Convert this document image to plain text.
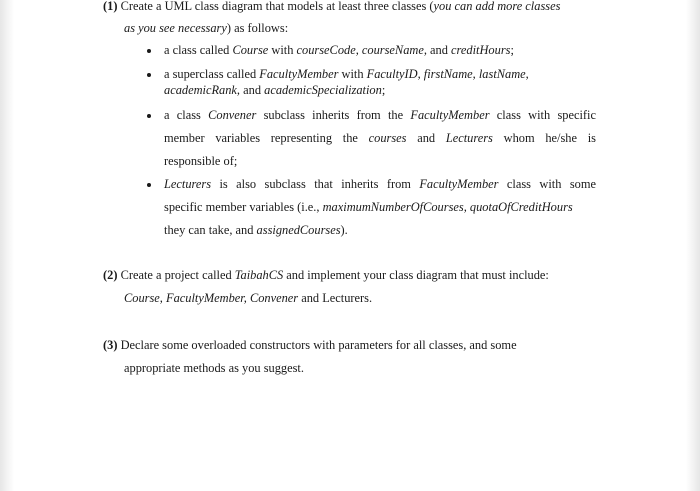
(1) Create a UML class diagram that models at least three classes (you can add more classes
as you see necessary) as follows:
a class called Course with courseCode, courseName, and creditHours;
a superclass called FacultyMember with FacultyID, firstName, lastName,
academicRank, and academicSpecialization;
a class Convener subclass inherits from the FacultyMember class with specific
member variables representing the courses and Lecturers whom he/she is
responsible of;
Lecturers is also subclass that inherits from FacultyMember class with some
specific member variables (i.e., maximumNumberOfCourses, quotaOfCreditHours
they can take, and assignedCourses).
(2) Create a project called TaibahCS and implement your class diagram that must include:
Course, FacultyMember, Convener and Lecturers.
(3) Declare some overloaded constructors with parameters for all classes, and some
appropriate methods as you suggest.
